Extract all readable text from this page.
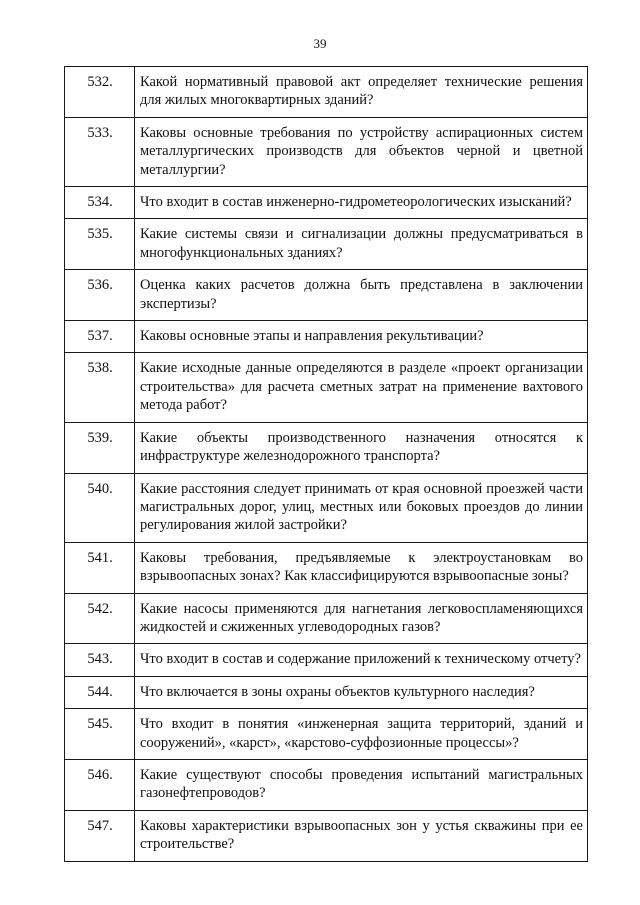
39
532.	Какой нормативный правовой акт определяет технические решения для жилых многоквартирных зданий?
533.	Каковы основные требования по устройству аспирационных систем металлургических производств для объектов черной и цветной металлургии?
534.	Что входит в состав инженерно-гидрометеорологических изысканий?
535.	Какие системы связи и сигнализации должны предусматриваться в многофункциональных зданиях?
536.	Оценка каких расчетов должна быть представлена в заключении экспертизы?
537.	Каковы основные этапы и направления рекультивации?
538.	Какие исходные данные определяются в разделе «проект организации строительства» для расчета сметных затрат на применение вахтового метода работ?
539.	Какие объекты производственного назначения относятся к инфраструктуре железнодорожного транспорта?
540.	Какие расстояния следует принимать от края основной проезжей части магистральных дорог, улиц, местных или боковых проездов до линии регулирования жилой застройки?
541.	Каковы требования, предъявляемые к электроустановкам во взрывоопасных зонах? Как классифицируются взрывоопасные зоны?
542.	Какие насосы применяются для нагнетания легковоспламеняющихся жидкостей и сжиженных углеводородных газов?
543.	Что входит в состав и содержание приложений к техническому отчету?
544.	Что включается в зоны охраны объектов культурного наследия?
545.	Что входит в понятия «инженерная защита территорий, зданий и сооружений», «карст», «карстово-суффозионные процессы»?
546.	Какие существуют способы проведения испытаний магистральных газонефтепроводов?
547.	Каковы характеристики взрывоопасных зон у устья скважины при ее строительстве?
